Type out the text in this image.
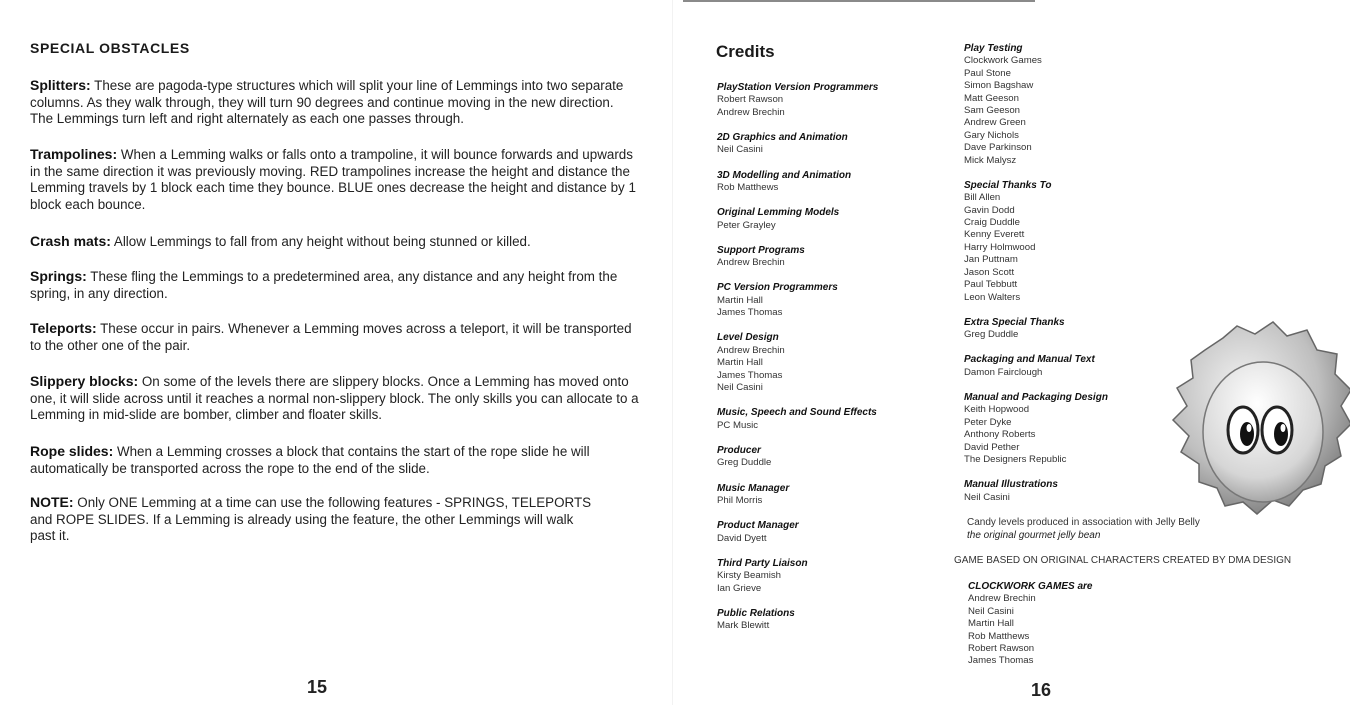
SPECIAL OBSTACLES
Splitters: These are pagoda-type structures which will split your line of Lemmings into two separate columns. As they walk through, they will turn 90 degrees and continue moving in the new direction. The Lemmings turn left and right alternately as each one passes through.
Trampolines: When a Lemming walks or falls onto a trampoline, it will bounce forwards and upwards in the same direction it was previously moving. RED trampolines increase the height and distance the Lemming travels by 1 block each time they bounce. BLUE ones decrease the height and distance by 1 block each bounce.
Crash mats: Allow Lemmings to fall from any height without being stunned or killed.
Springs: These fling the Lemmings to a predetermined area, any distance and any height from the spring, in any direction.
Teleports: These occur in pairs. Whenever a Lemming moves across a teleport, it will be transported to the other one of the pair.
Slippery blocks: On some of the levels there are slippery blocks. Once a Lemming has moved onto one, it will slide across until it reaches a normal non-slippery block. The only skills you can allocate to a Lemming in mid-slide are bomber, climber and floater skills.
Rope slides: When a Lemming crosses a block that contains the start of the rope slide he will automatically be transported across the rope to the end of the slide.
NOTE: Only ONE Lemming at a time can use the following features - SPRINGS, TELEPORTS and ROPE SLIDES. If a Lemming is already using the feature, the other Lemmings will walk past it.
15
Credits
PlayStation Version Programmers
Robert Rawson
Andrew Brechin
2D Graphics and Animation
Neil Casini
3D Modelling and Animation
Rob Matthews
Original Lemming Models
Peter Grayley
Support Programs
Andrew Brechin
PC Version Programmers
Martin Hall
James Thomas
Level Design
Andrew Brechin
Martin Hall
James Thomas
Neil Casini
Music, Speech and Sound Effects
PC Music
Producer
Greg Duddle
Music Manager
Phil Morris
Product Manager
David Dyett
Third Party Liaison
Kirsty Beamish
Ian Grieve
Public Relations
Mark Blewitt
Play Testing
Clockwork Games
Paul Stone
Simon Bagshaw
Matt Geeson
Sam Geeson
Andrew Green
Gary Nichols
Dave Parkinson
Mick Malysz
Special Thanks To
Bill Allen
Gavin Dodd
Craig Duddle
Kenny Everett
Harry Holmwood
Jan Puttnam
Jason Scott
Paul Tebbutt
Leon Walters
Extra Special Thanks
Greg Duddle
Packaging and Manual Text
Damon Fairclough
Manual and Packaging Design
Keith Hopwood
Peter Dyke
Anthony Roberts
David Pether
The Designers Republic
Manual Illustrations
Neil Casini
Candy levels produced in association with Jelly Belly
the original gourmet jelly bean
GAME BASED ON ORIGINAL CHARACTERS CREATED BY DMA DESIGN
CLOCKWORK GAMES are
Andrew Brechin
Neil Casini
Martin Hall
Rob Matthews
Robert Rawson
James Thomas
16
